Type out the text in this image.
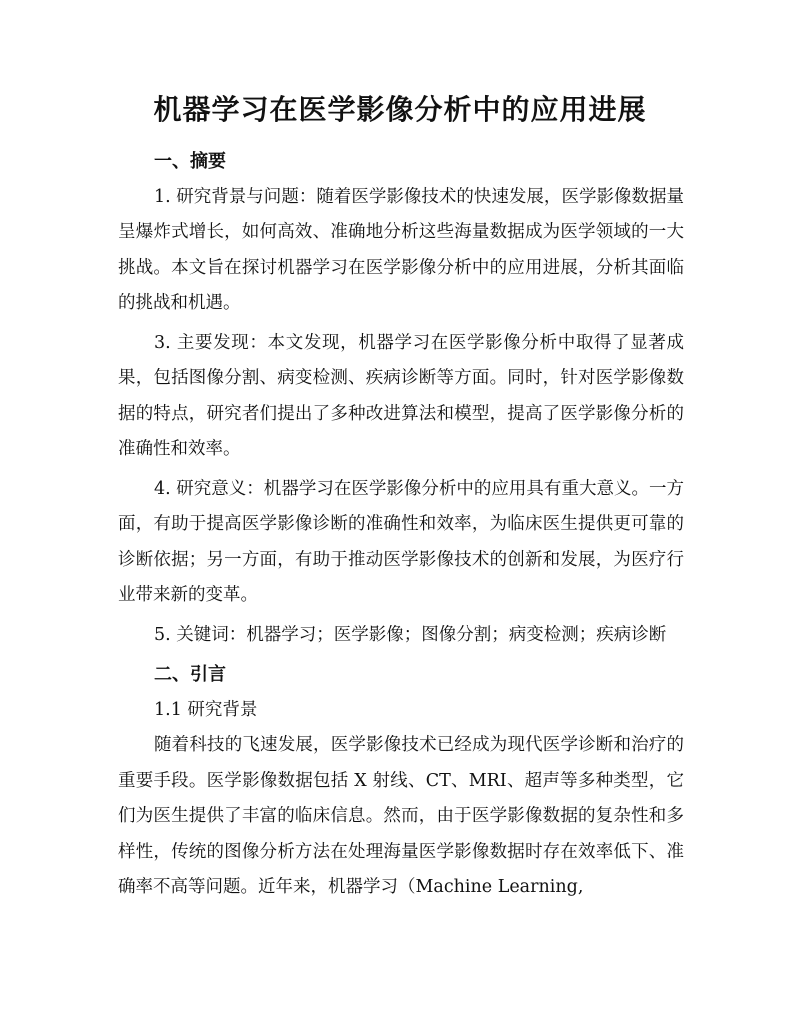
机器学习在医学影像分析中的应用进展

一、摘要

1. 研究背景与问题：随着医学影像技术的快速发展，医学影像数据量呈爆炸式增长，如何高效、准确地分析这些海量数据成为医学领域的一大挑战。本文旨在探讨机器学习在医学影像分析中的应用进展，分析其面临的挑战和机遇。

3. 主要发现：本文发现，机器学习在医学影像分析中取得了显著成果，包括图像分割、病变检测、疾病诊断等方面。同时，针对医学影像数据的特点，研究者们提出了多种改进算法和模型，提高了医学影像分析的准确性和效率。

4. 研究意义：机器学习在医学影像分析中的应用具有重大意义。一方面，有助于提高医学影像诊断的准确性和效率，为临床医生提供更可靠的诊断依据；另一方面，有助于推动医学影像技术的创新和发展，为医疗行业带来新的变革。

5. 关键词：机器学习；医学影像；图像分割；病变检测；疾病诊断

二、引言

1.1 研究背景

随着科技的飞速发展，医学影像技术已经成为现代医学诊断和治疗的重要手段。医学影像数据包括 X 射线、CT、MRI、超声等多种类型，它们为医生提供了丰富的临床信息。然而，由于医学影像数据的复杂性和多样性，传统的图像分析方法在处理海量医学影像数据时存在效率低下、准确率不高等问题。近年来，机器学习（Machine Learning,
